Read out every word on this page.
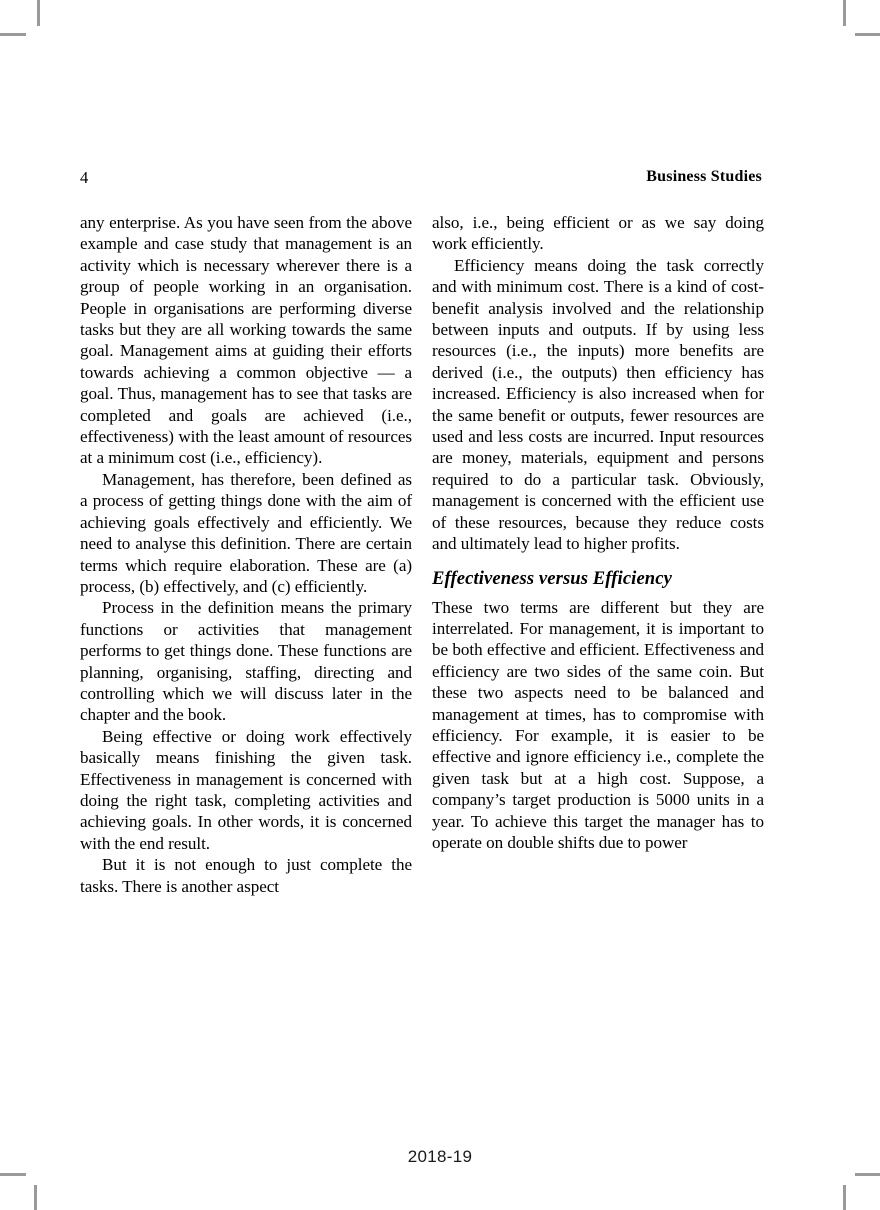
4	Business Studies

any enterprise. As you have seen from the above example and case study that management is an activity which is necessary wherever there is a group of people working in an organisation. People in organisations are performing diverse tasks but they are all working towards the same goal. Management aims at guiding their efforts towards achieving a common objective — a goal. Thus, management has to see that tasks are completed and goals are achieved (i.e., effectiveness) with the least amount of resources at a minimum cost (i.e., efficiency).

Management, has therefore, been defined as a process of getting things done with the aim of achieving goals effectively and efficiently. We need to analyse this definition. There are certain terms which require elaboration. These are (a) process, (b) effectively, and (c) efficiently.

Process in the definition means the primary functions or activities that management performs to get things done. These functions are planning, organising, staffing, directing and controlling which we will discuss later in the chapter and the book.

Being effective or doing work effectively basically means finishing the given task. Effectiveness in management is concerned with doing the right task, completing activities and achieving goals. In other words, it is concerned with the end result.

But it is not enough to just complete the tasks. There is another aspect

also, i.e., being efficient or as we say doing work efficiently.

Efficiency means doing the task correctly and with minimum cost. There is a kind of cost-benefit analysis involved and the relationship between inputs and outputs. If by using less resources (i.e., the inputs) more benefits are derived (i.e., the outputs) then efficiency has increased. Efficiency is also increased when for the same benefit or outputs, fewer resources are used and less costs are incurred. Input resources are money, materials, equipment and persons required to do a particular task. Obviously, management is concerned with the efficient use of these resources, because they reduce costs and ultimately lead to higher profits.

Effectiveness versus Efficiency

These two terms are different but they are interrelated. For management, it is important to be both effective and efficient. Effectiveness and efficiency are two sides of the same coin. But these two aspects need to be balanced and management at times, has to compromise with efficiency. For example, it is easier to be effective and ignore efficiency i.e., complete the given task but at a high cost. Suppose, a company’s target production is 5000 units in a year. To achieve this target the manager has to operate on double shifts due to power

2018-19
